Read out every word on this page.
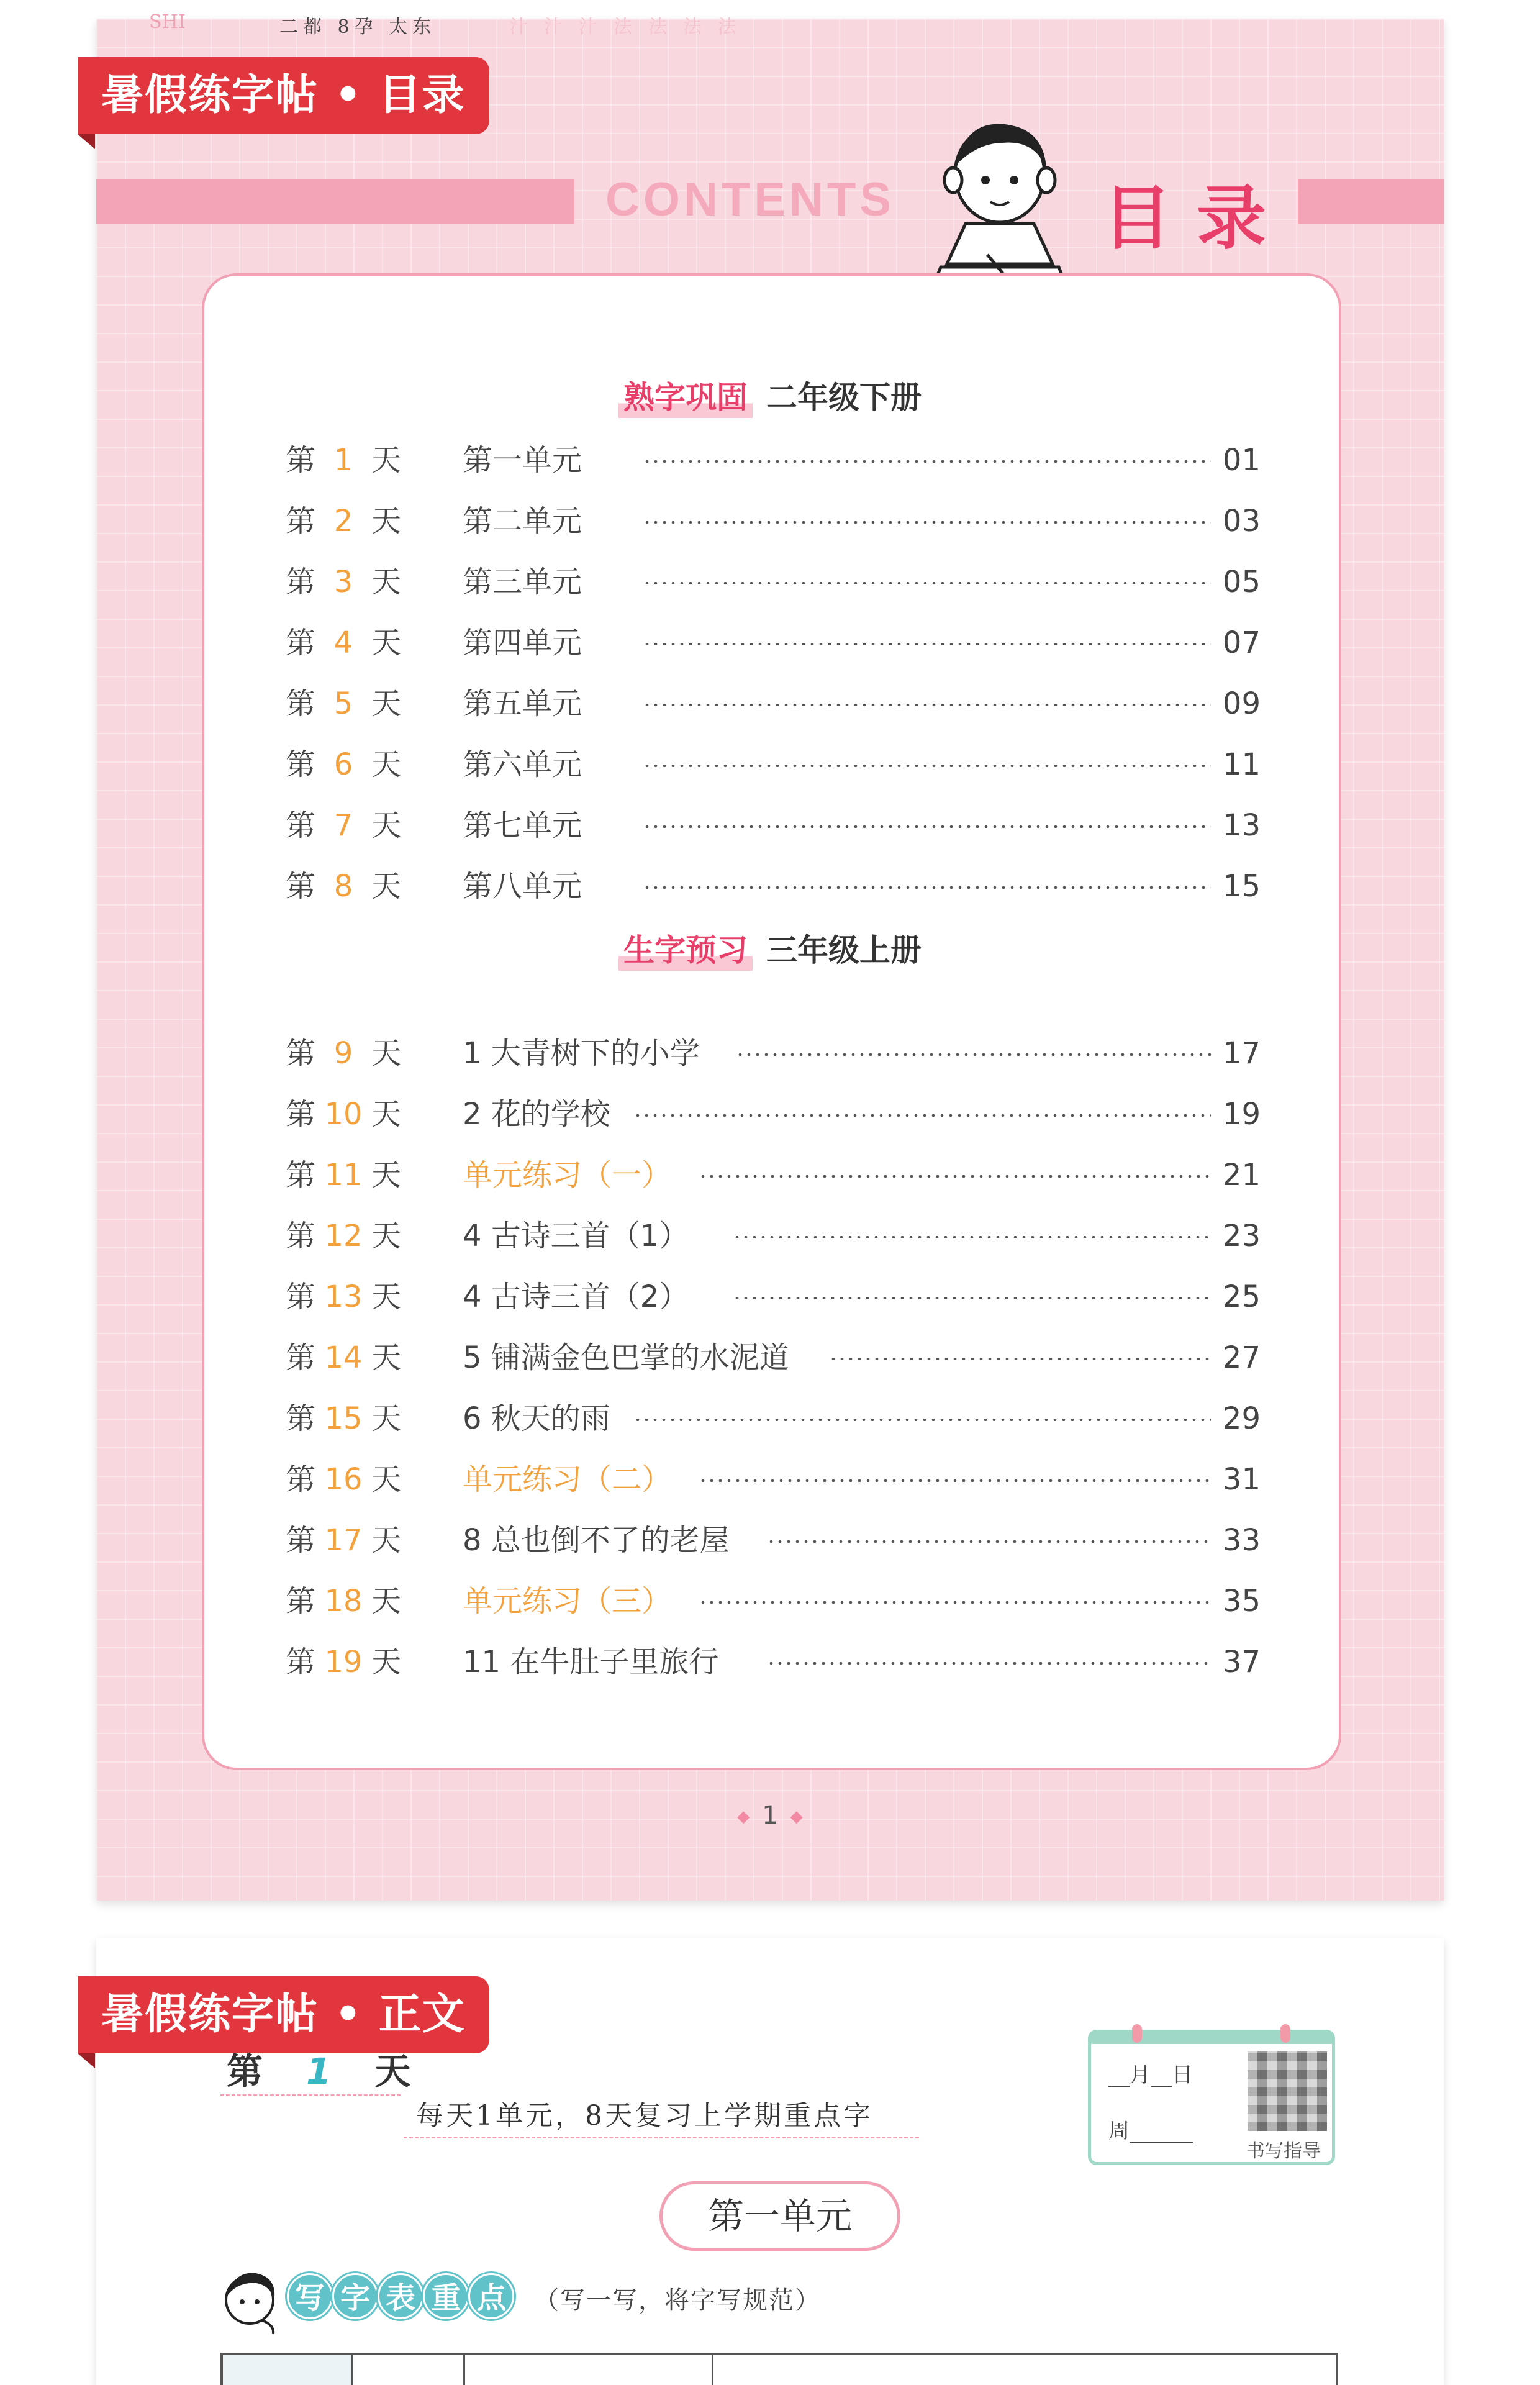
CONTENTS	目录
暑假练字帖 • 目录
熟字巩固 二年级下册
生字预习 三年级上册
第 1 天 第一单元	01
第 2 天 第二单元	03
第 3 天 第三单元	05
第 4 天 第四单元	07
第 5 天 第五单元	09
第 6 天 第六单元	11
第 7 天 第七单元	13
第 8 天 第八单元	15
第 9 天 1 大青树下的小学	17
第 10 天 2 花的学校	19
第 11 天 单元练习（一）	21
第 12 天 4 古诗三首（1）	23
第 13 天 4 古诗三首（2）	25
第 14 天 5 铺满金色巴掌的水泥道	27
第 15 天 6 秋天的雨	29
第 16 天 单元练习（二）	31
第 17 天 8 总也倒不了的老屋	33
第 18 天 单元练习（三）	35
第 19 天 11 在牛肚子里旅行	37
◆ 1 ◆
暑假练字帖 • 正文
第 1 天
每天1单元，8天复习上学期重点字
__月__日
周______
书写指导
第一单元
写 字 表 重 点 （写一写，将字写规范）
SHI	二都 8孕 太东	汁汁汁法法法法
